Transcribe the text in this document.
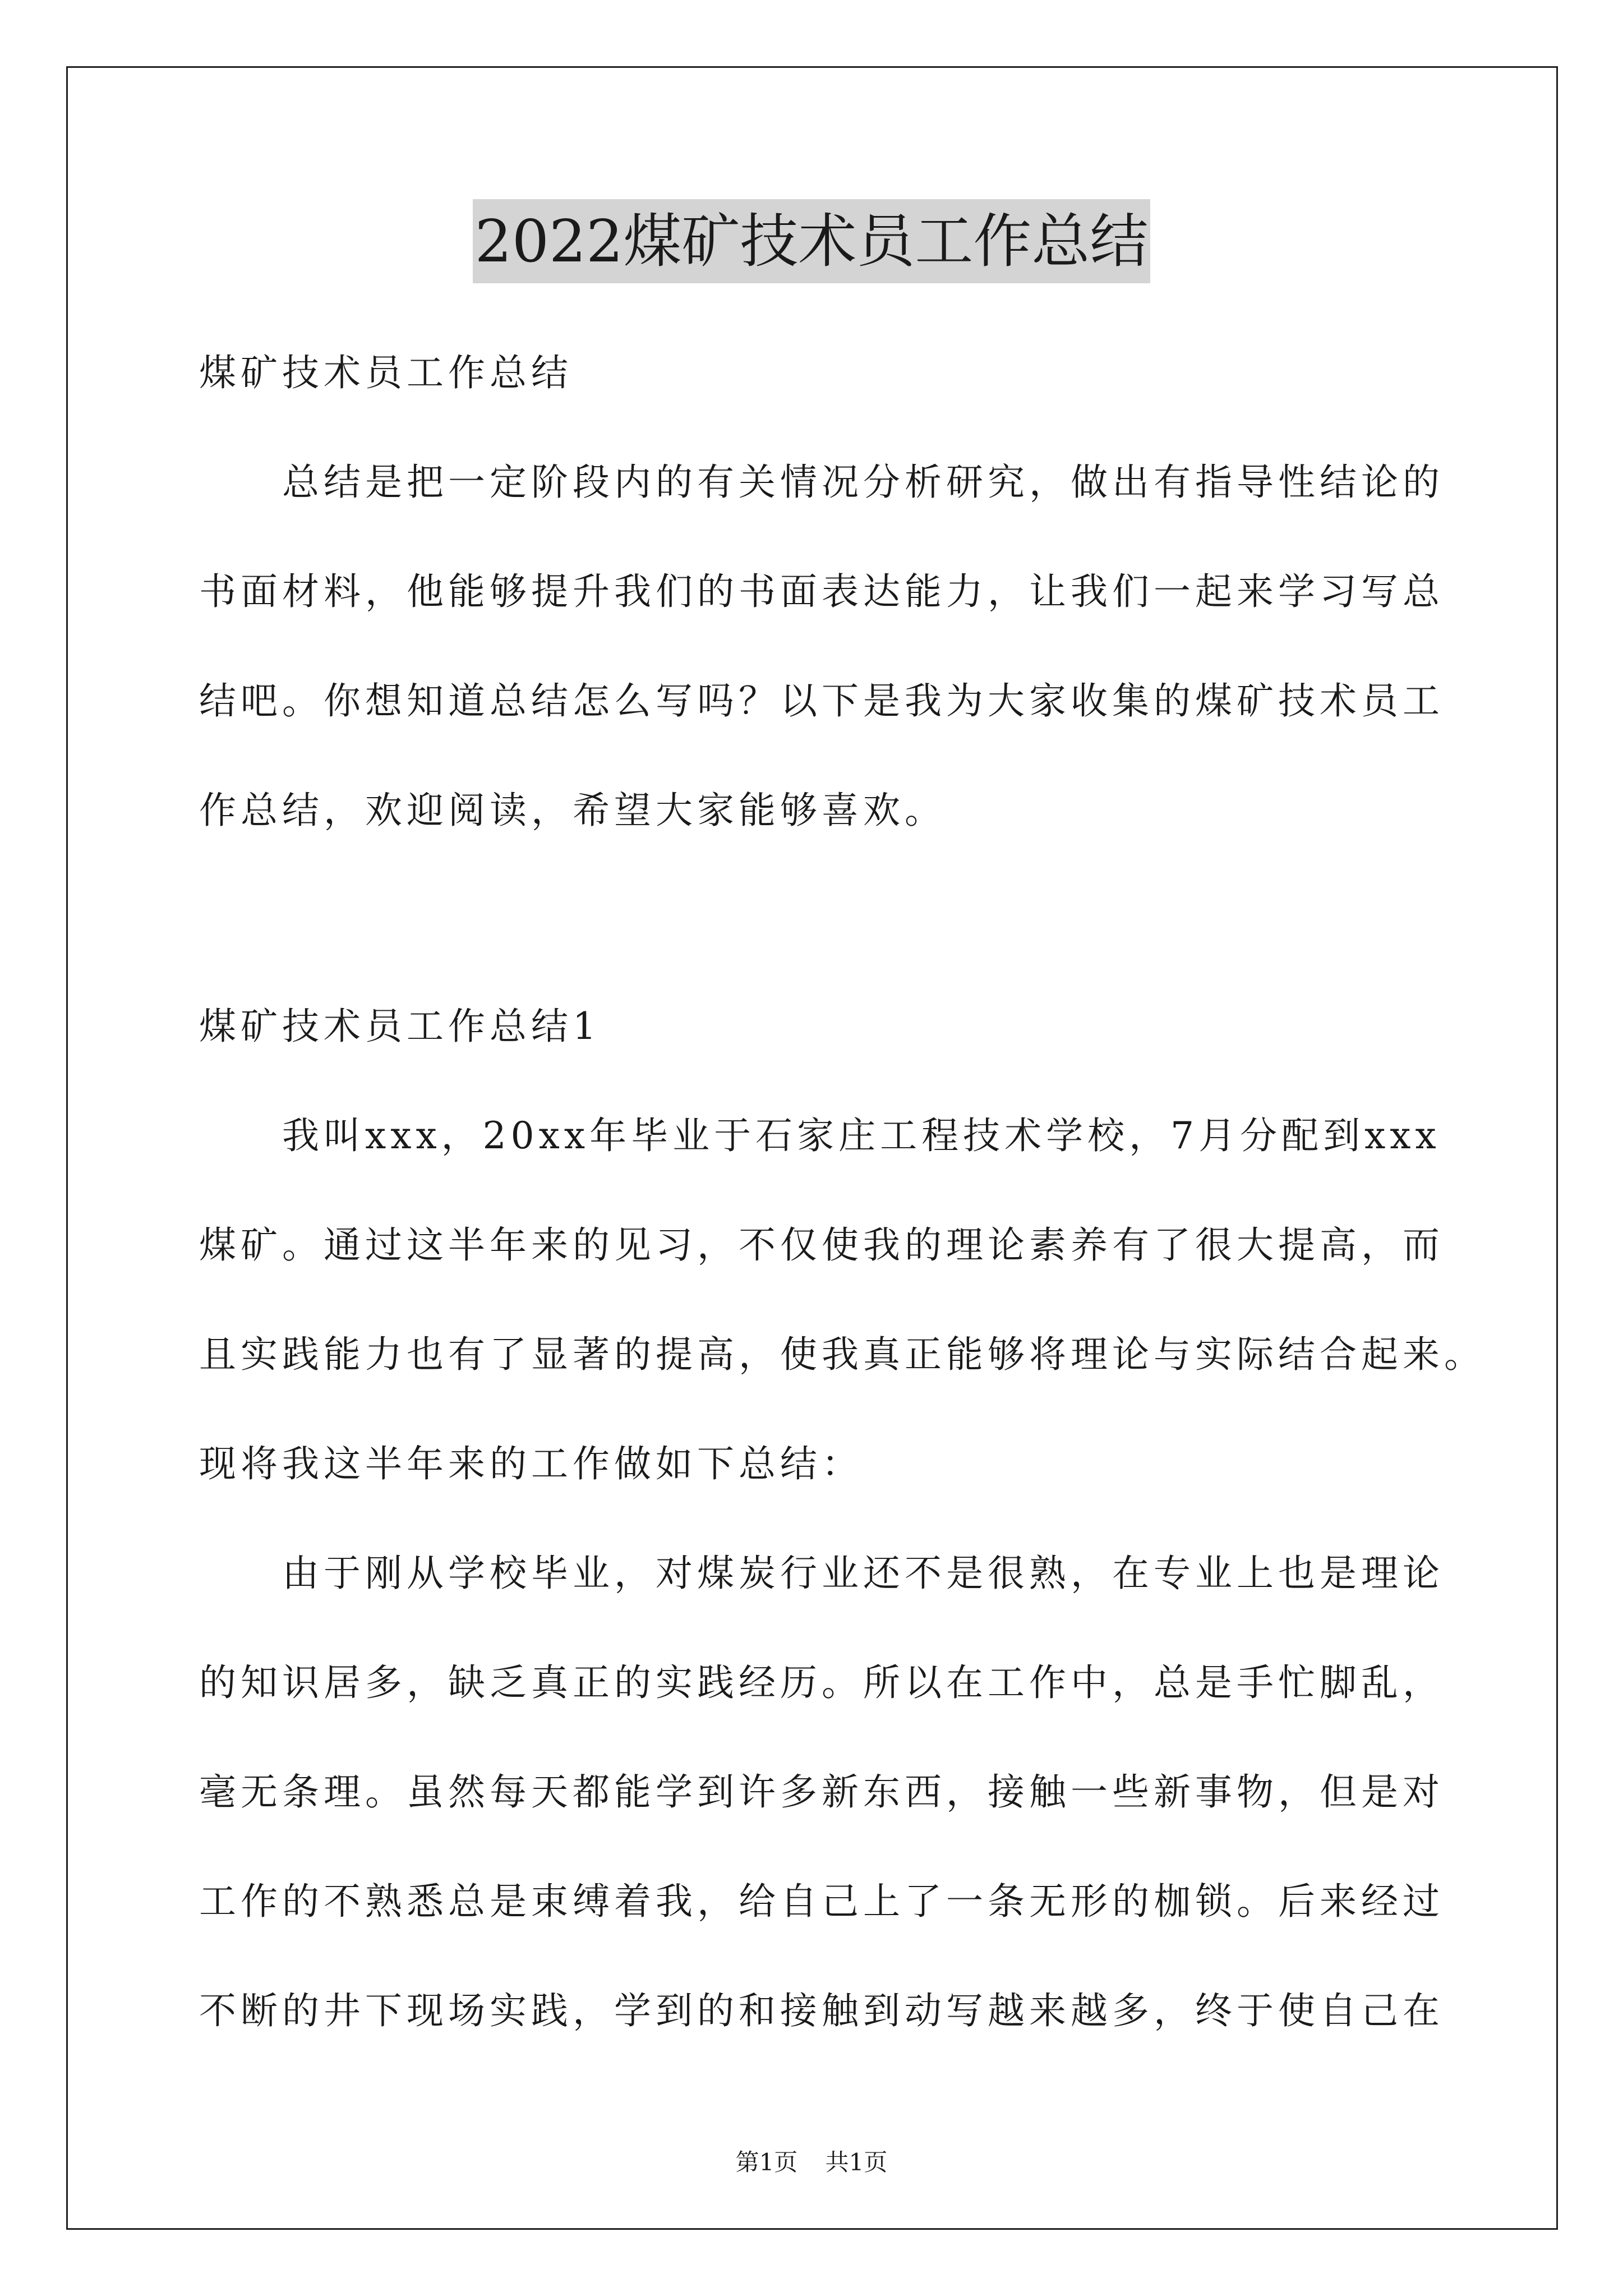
2022煤矿技术员工作总结

煤矿技术员工作总结

总结是把一定阶段内的有关情况分析研究，做出有指导性结论的

书面材料，他能够提升我们的书面表达能力，让我们一起来学习写总

结吧。你想知道总结怎么写吗？以下是我为大家收集的煤矿技术员工

作总结，欢迎阅读，希望大家能够喜欢。

煤矿技术员工作总结1

我叫xxx，20xx年毕业于石家庄工程技术学校，7月分配到xxx

煤矿。通过这半年来的见习，不仅使我的理论素养有了很大提高，而

且实践能力也有了显著的提高，使我真正能够将理论与实际结合起来。

现将我这半年来的工作做如下总结：

由于刚从学校毕业，对煤炭行业还不是很熟，在专业上也是理论

的知识居多，缺乏真正的实践经历。所以在工作中，总是手忙脚乱，

毫无条理。虽然每天都能学到许多新东西，接触一些新事物，但是对

工作的不熟悉总是束缚着我，给自己上了一条无形的枷锁。后来经过

不断的井下现场实践，学到的和接触到动写越来越多，终于使自己在

第1页 共1页
